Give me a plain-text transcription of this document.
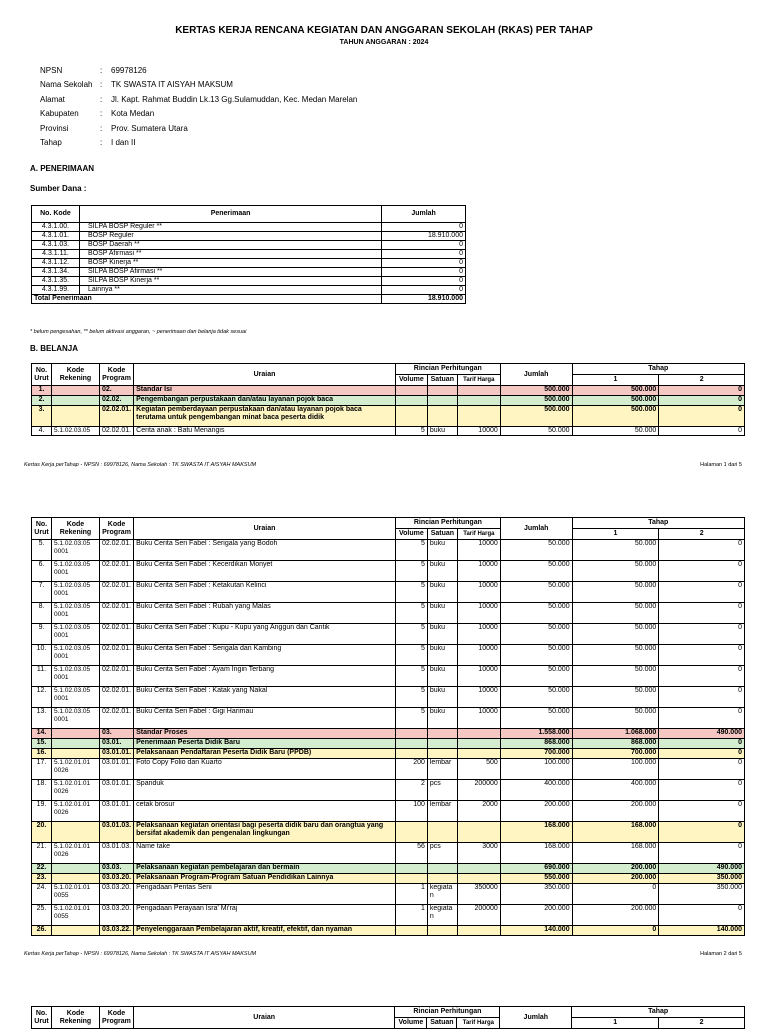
KERTAS KERJA RENCANA KEGIATAN DAN ANGGARAN SEKOLAH (RKAS) PER TAHAP
TAHUN ANGGARAN : 2024
NPSN	:	69978126
Nama Sekolah	:	TK SWASTA IT AISYAH MAKSUM
Alamat	:	Jl. Kapt. Rahmat Buddin Lk.13 Gg.Sulamuddan, Kec. Medan Marelan
Kabupaten	:	Kota Medan
Provinsi	:	Prov. Sumatera Utara
Tahap	:	I dan II
A. PENERIMAAN
Sumber Dana :
No. Kode	Penerimaan	Jumlah
4.3.1.00.	SILPA BOSP Reguler **	0
4.3.1.01.	BOSP Reguler	18.910.000
4.3.1.03.	BOSP Daerah **	0
4.3.1.11.	BOSP Afirmasi **	0
4.3.1.12.	BOSP Kinerja **	0
4.3.1.34.	SILPA BOSP Afirmasi **	0
4.3.1.35.	SILPA BOSP Kinerja **	0
4.3.1.99.	Lainnya **	0
Total Penerimaan		18.910.000
* belum pengesahan, ** belum aktivasi anggaran, ~ penerimaan dan belanja tidak sesuai
B. BELANJA
No. Urut	Kode Rekening	Kode Program	Uraian	Rincian Perhitungan			Jumlah	Tahap	
				Volume	Satuan	Tarif Harga		1	2
1.		02.	Standar Isi				500.000	500.000	0
2.		02.02.	Pengembangan perpustakaan dan/atau layanan pojok baca				500.000	500.000	0
3.		02.02.01.	Kegiatan pemberdayaan perpustakaan dan/atau layanan pojok baca terutama untuk pengembangan minat baca peserta didik				500.000	500.000	0
4.	5.1.02.03.05	02.02.01.	Cerita anak : Batu Menangis	5	buku	10000	50.000	50.000	0
Kertas Kerja perTahap - NPSN : 69978126, Nama Sekolah : TK SWASTA IT AISYAH MAKSUM	Halaman 1 dari 5
No. Urut	Kode Rekening	Kode Program	Uraian	Rincian Perhitungan			Jumlah	Tahap	
				Volume	Satuan	Tarif Harga		1	2
5.	5.1.02.03.05 0001	02.02.01.	Buku Cerita Seri Fabel : Serigala yang Bodoh	5	buku	10000	50.000	50.000	0
6.	5.1.02.03.05 0001	02.02.01.	Buku Cerita Seri Fabel : Kecerdikan Monyet	5	buku	10000	50.000	50.000	0
7.	5.1.02.03.05 0001	02.02.01.	Buku Cerita Seri Fabel : Ketakutan Kelinci	5	buku	10000	50.000	50.000	0
8.	5.1.02.03.05 0001	02.02.01.	Buku Cerita Seri Fabel : Rubah yang Malas	5	buku	10000	50.000	50.000	0
9.	5.1.02.03.05 0001	02.02.01.	Buku Cerita Seri Fabel : Kupu - Kupu yang Anggun dan Cantik	5	buku	10000	50.000	50.000	0
10.	5.1.02.03.05 0001	02.02.01.	Buku Cerita Seri Fabel : Serigala dan Kambing	5	buku	10000	50.000	50.000	0
11.	5.1.02.03.05 0001	02.02.01.	Buku Cerita Seri Fabel : Ayam Ingin Terbang	5	buku	10000	50.000	50.000	0
12.	5.1.02.03.05 0001	02.02.01.	Buku Cerita Seri Fabel : Katak yang Nakal	5	buku	10000	50.000	50.000	0
13.	5.1.02.03.05 0001	02.02.01.	Buku Cerita Seri Fabel : Gigi Harimau	5	buku	10000	50.000	50.000	0
14.		03.	Standar Proses				1.558.000	1.068.000	490.000
15.		03.01.	Penerimaan Peserta Didik Baru				868.000	868.000	0
16.		03.01.01.	Pelaksanaan Pendaftaran Peserta Didik Baru (PPDB)				700.000	700.000	0
17.	5.1.02.01.01 0026	03.01.01.	Foto Copy Folio dan Kuarto	200	lembar	500	100.000	100.000	0
18.	5.1.02.01.01 0026	03.01.01.	Spanduk	2	pcs	200000	400.000	400.000	0
19.	5.1.02.01.01 0026	03.01.01.	cetak brosur	100	lembar	2000	200.000	200.000	0
20.		03.01.03.	Pelaksanaan kegiatan orientasi bagi peserta didik baru dan orangtua yang bersifat akademik dan pengenalan lingkungan				168.000	168.000	0
21.	5.1.02.01.01 0026	03.01.03.	Name take	56	pcs	3000	168.000	168.000	0
22.		03.03.	Pelaksanaan kegiatan pembelajaran dan bermain				690.000	200.000	490.000
23.		03.03.20.	Pelaksanaan Program-Program Satuan Pendidikan Lainnya				550.000	200.000	350.000
24.	5.1.02.01.01 0055	03.03.20.	Pengadaan Pentas Seni	1	kegiata n	350000	350.000	0	350.000
25.	5.1.02.01.01 0055	03.03.20.	Pengadaan Perayaan Isra' Mi'raj	1	kegiata n	200000	200.000	200.000	0
26.		03.03.22.	Penyelenggaraan Pembelajaran aktif, kreatif, efektif, dan nyaman				140.000	0	140.000
Kertas Kerja perTahap - NPSN : 69978126, Nama Sekolah : TK SWASTA IT AISYAH MAKSUM	Halaman 2 dari 5
No. Urut	Kode Rekening	Kode Program	Uraian	Rincian Perhitungan			Jumlah	Tahap	
				Volume	Satuan	Tarif Harga		1	2
